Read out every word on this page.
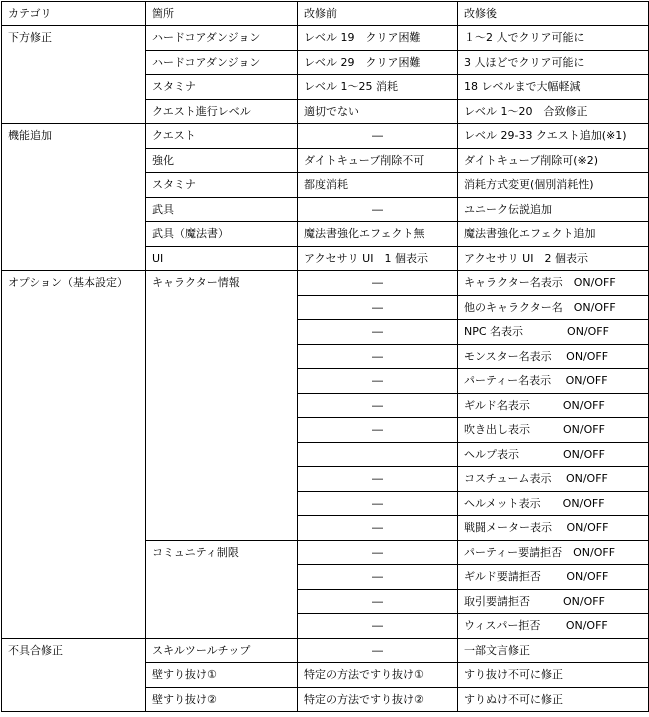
カテゴリ	箇所	改修前	改修後
下方修正	ハードコアダンジョン	レベル 19　クリア困難	１～2 人でクリア可能に
	ハードコアダンジョン	レベル 29　クリア困難	3 人ほどでクリア可能に
	スタミナ	レベル 1～25 消耗	18 レベルまで大幅軽減
	クエスト進行レベル	適切でない	レベル 1～20　合致修正
機能追加	クエスト	―	レベル 29-33 クエスト追加(※1)
	強化	ダイトキューブ削除不可	ダイトキューブ削除可(※2)
	スタミナ	都度消耗	消耗方式変更(個別消耗性)
	武具	―	ユニーク伝説追加
	武具（魔法書）	魔法書強化エフェクト無	魔法書強化エフェクト追加
	UI	アクセサリ UI　1 個表示	アクセサリ UI　2 個表示
オプション（基本設定）	キャラクター情報	―	キャラクター名表示　ON/OFF
		―	他のキャラクター名　ON/OFF
		―	NPC 名表示　　　　ON/OFF
		―	モンスター名表示　 ON/OFF
		―	パーティー名表示　 ON/OFF
		―	ギルド名表示　　　ON/OFF
		―	吹き出し表示　　　ON/OFF
			ヘルプ表示　　　　ON/OFF
		―	コスチューム表示　 ON/OFF
		―	ヘルメット表示　　ON/OFF
		―	戦闘メーター表示　 ON/OFF
	コミュニティ制限	―	パーティー要請拒否　ON/OFF
		―	ギルド要請拒否　　 ON/OFF
		―	取引要請拒否　　　ON/OFF
		―	ウィスパー拒否　　 ON/OFF
不具合修正	スキルツールチップ	―	一部文言修正
	壁すり抜け①	特定の方法ですり抜け①	すり抜け不可に修正
	壁すり抜け②	特定の方法ですり抜け②	すりぬけ不可に修正
